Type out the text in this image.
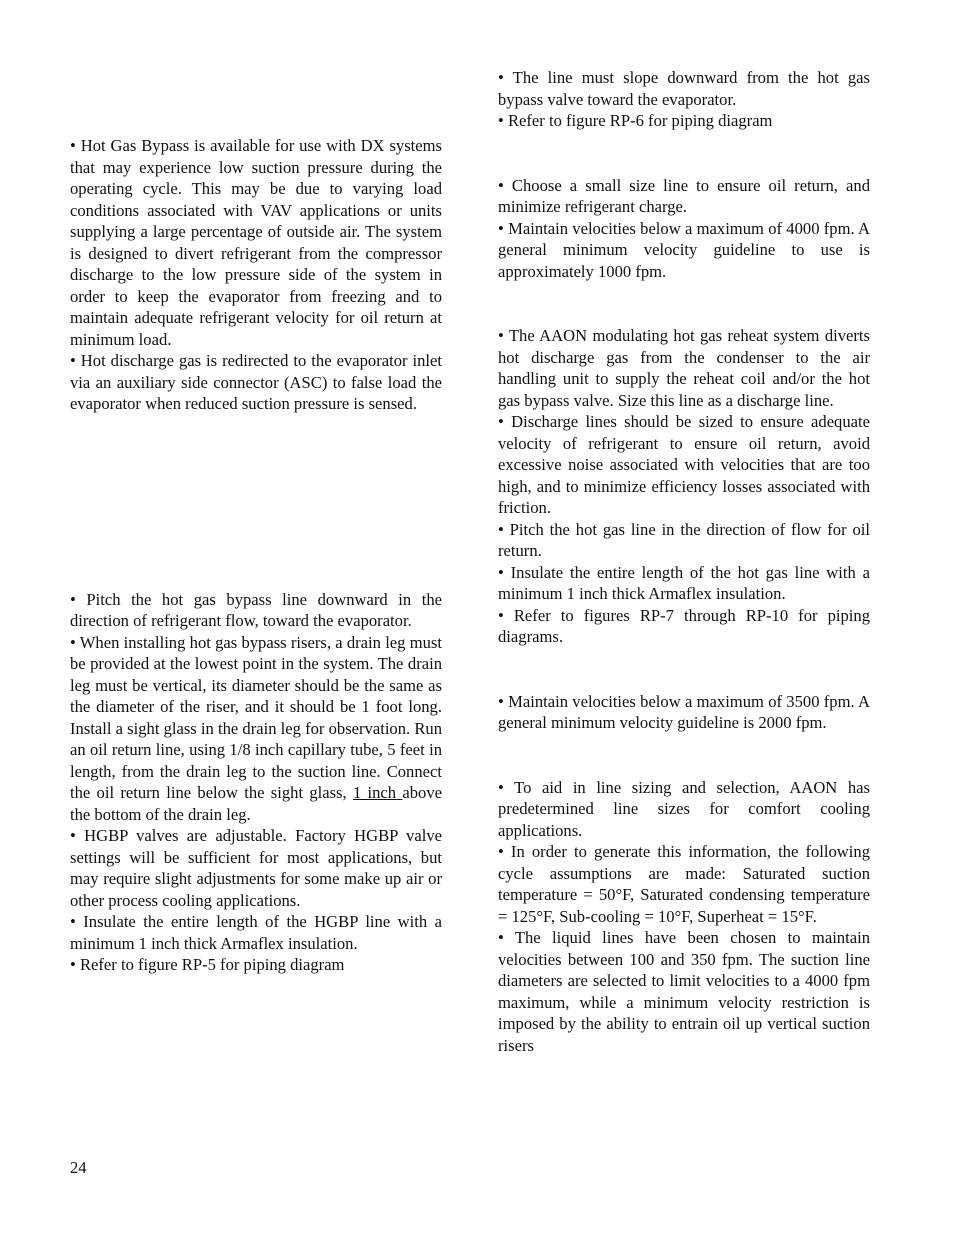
• Hot Gas Bypass is available for use with DX systems that may experience low suction pressure during the operating cycle. This may be due to varying load conditions associated with VAV applications or units supplying a large percentage of outside air. The system is designed to divert refrigerant from the compressor discharge to the low pressure side of the system in order to keep the evaporator from freezing and to maintain adequate refrigerant velocity for oil return at minimum load.

• Hot discharge gas is redirected to the evaporator inlet via an auxiliary side connector (ASC) to false load the evaporator when reduced suction pressure is sensed.

• Pitch the hot gas bypass line downward in the direction of refrigerant flow, toward the evaporator.

• When installing hot gas bypass risers, a drain leg must be provided at the lowest point in the system. The drain leg must be vertical, its diameter should be the same as the diameter of the riser, and it should be 1 foot long. Install a sight glass in the drain leg for observation. Run an oil return line, using 1/8 inch capillary tube, 5 feet in length, from the drain leg to the suction line. Connect the oil return line below the sight glass, 1 inch above the bottom of the drain leg.

• HGBP valves are adjustable. Factory HGBP valve settings will be sufficient for most applications, but may require slight adjustments for some make up air or other process cooling applications.

• Insulate the entire length of the HGBP line with a minimum 1 inch thick Armaflex insulation.

• Refer to figure RP-5 for piping diagram

• The line must slope downward from the hot gas bypass valve toward the evaporator.

• Refer to figure RP-6 for piping diagram

• Choose a small size line to ensure oil return, and minimize refrigerant charge.

• Maintain velocities below a maximum of 4000 fpm. A general minimum velocity guideline to use is approximately 1000 fpm.

• The AAON modulating hot gas reheat system diverts hot discharge gas from the condenser to the air handling unit to supply the reheat coil and/or the hot gas bypass valve. Size this line as a discharge line.

• Discharge lines should be sized to ensure adequate velocity of refrigerant to ensure oil return, avoid excessive noise associated with velocities that are too high, and to minimize efficiency losses associated with friction.

• Pitch the hot gas line in the direction of flow for oil return.

• Insulate the entire length of the hot gas line with a minimum 1 inch thick Armaflex insulation.

• Refer to figures RP-7 through RP-10 for piping diagrams.

• Maintain velocities below a maximum of 3500 fpm. A general minimum velocity guideline is 2000 fpm.

• To aid in line sizing and selection, AAON has predetermined line sizes for comfort cooling applications.

• In order to generate this information, the following cycle assumptions are made: Saturated suction temperature = 50°F, Saturated condensing temperature = 125°F, Sub-cooling = 10°F, Superheat = 15°F.

• The liquid lines have been chosen to maintain velocities between 100 and 350 fpm. The suction line diameters are selected to limit velocities to a 4000 fpm maximum, while a minimum velocity restriction is imposed by the ability to entrain oil up vertical suction risers

24
